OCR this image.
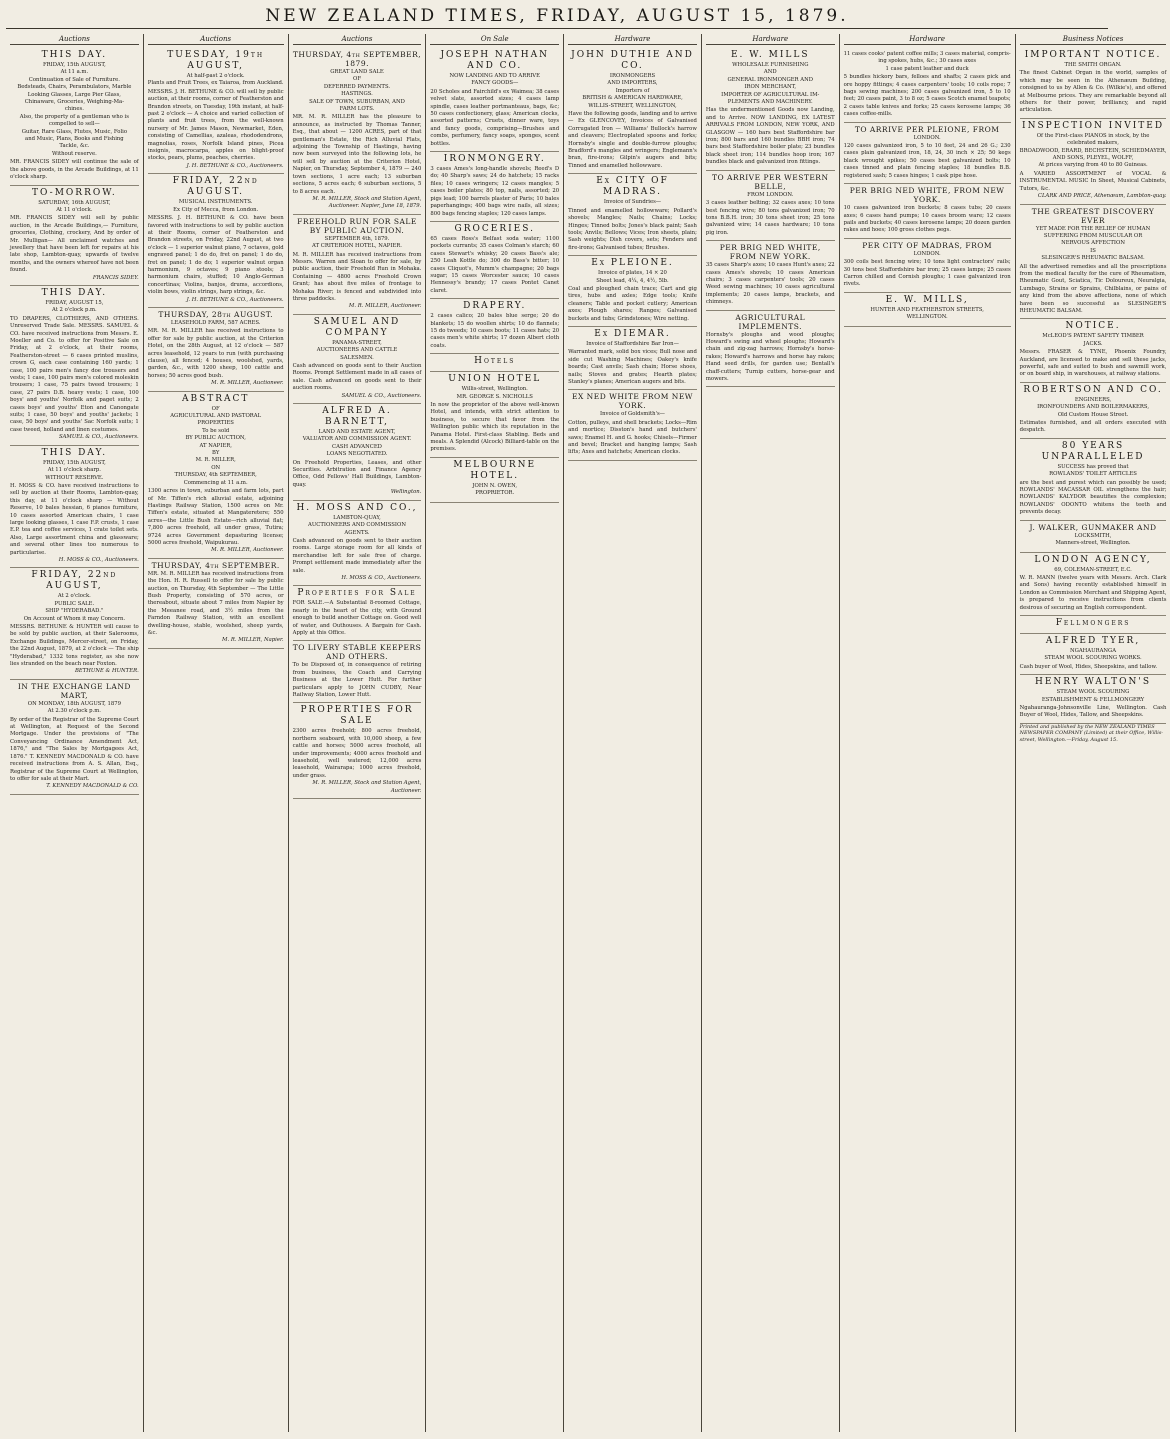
NEW ZEALAND TIMES, FRIDAY, AUGUST 15, 1879.
Auctions
THIS DAY.
FRIDAY, 15th AUGUST,
At 11 a.m.
Continuation of Sale of Furniture.
Bedsteads, Chairs, Perambulators, Marble
Looking Glasses, Large Pier Glass,
Chinaware, Groceries, Weighing-Ma-
chines.
Also, the property of a gentleman who is
compelled to sell—
Guitar, Rare Glass, Flutes, Music, Folio
and Music, Plans, Books and Fishing
Tackle, &c.
Without reserve.

MR. FRANCIS SIDEY will continue the sale of the above goods, in the Arcade Buildings, at 11 o'clock sharp.

TO-MORROW.
SATURDAY, 16th AUGUST,
At 11 o'clock.

MR. FRANCIS SIDEY will sell by public auction, in the Arcade Buildings,— Furniture, groceries, Clothing, crockery, And by order of Mr. Mulligan— All unclaimed watches and jewellery that have been left for repairs at his late shop, Lambton-quay, upwards of twelve months, and the owners whereof have not been found.

FRANCIS SIDEY.

THIS DAY.
FRIDAY, AUGUST 15,
At 2 o'clock p.m.

TO DRAPERS, CLOTHIERS, AND OTHERS. Unreserved Trade Sale. MESSRS. SAMUEL & CO. have received instructions from Messrs. E. Moeller and Co. to offer for Positive Sale on Friday, at 2 o'clock, at their rooms, Featherston-street — 6 cases printed muslins, crown G, each case containing 160 yards; 1 case, 100 pairs men's fancy doe trousers and vests; 1 case, 100 pairs men's colored moleskin trousers; 1 case, 75 pairs tweed trousers; 1 case, 27 pairs D.B. heavy vests; 1 case, 100 boys' and youths' Norfolk and paget suits; 2 cases boys' and youths' Eton and Canongate suits; 1 case, 50 boys' and youths' jackets; 1 case, 50 boys' and youths' Sac Norfolk suits; 1 case tweed, holland and linen costumes.

SAMUEL & CO., Auctioneers.

THIS DAY.
FRIDAY, 15th AUGUST,
At 11 o'clock sharp.
WITHOUT RESERVE.

H. MOSS & CO. have received instructions to sell by auction at their Rooms, Lambton-quay, this day, at 11 o'clock sharp — Without Reserve, 10 bales hessian, 6 pianos furniture, 10 cases assorted American chairs, 1 case large looking glasses, 1 case F.P. crusts, 1 case E.P. tea and coffee services, 1 crate toilet sets. Also, Large assortment china and glassware; and several other lines too numerous to particularise.

H. MOSS & CO., Auctioneers.

FRIDAY, 22nd AUGUST,
At 2 o'clock.
PUBLIC SALE.
SHIP "HYDERABAD."
On Account of Whom it may Concern.

MESSRS. BETHUNE & HUNTER will cause to be sold by public auction, at their Salerooms, Exchange Buildings, Mercer-street, on Friday, the 22nd August, 1879, at 2 o'clock — The ship "Hyderabad," 1332 tons register, as she now lies stranded on the beach near Foxton.

BETHUNE & HUNTER.

IN THE EXCHANGE LAND MART,
ON MONDAY, 18th AUGUST, 1879
At 2.30 o'clock p.m.

By order of the Registrar of the Supreme Court at Wellington, at Request of the Second Mortgage. Under the provisions of "The Conveyancing Ordinance Amendment Act, 1876," and "The Sales by Mortgagees Act, 1876." T. KENNEDY MACDONALD & CO. have received instructions from A. S. Allan, Esq., Registrar of the Supreme Court at Wellington, to offer for sale at their Mart.

T. KENNEDY MACDONALD & CO.

Auctions
TUESDAY, 19th AUGUST,
At half-past 2 o'clock.
Plants and Fruit Trees, ex Taiaroa, from Auckland.

MESSRS. J. H. BETHUNE & CO. will sell by public auction, at their rooms, corner of Featherston and Brandon streets, on Tuesday, 19th instant, at half-past 2 o'clock — A choice and varied collection of plants and fruit trees, from the well-known nursery of Mr. James Mason, Newmarket, Eden, consisting of Camellias, azaleas, rhododendrons, magnolias, roses, Norfolk Island pines, Picea insignis, macrocarpa, apples on blight-proof stocks, pears, plums, peaches, cherries.

J. H. BETHUNE & CO., Auctioneers.

FRIDAY, 22nd AUGUST.
MUSICAL INSTRUMENTS.
Ex City of Mecca, from London.

MESSRS. J. H. BETHUNE & CO. have been favored with instructions to sell by public auction at their Rooms, corner of Featherston and Brandon streets, on Friday, 22nd August, at two o'clock — 1 superior walnut piano, 7 octaves, gold engraved panel; 1 do do, fret on panel; 1 do do, fret on panel; 1 do do; 1 superior walnut organ harmonium, 9 octaves; 9 piano stools; 3 harmonium chairs, stuffed; 10 Anglo-German concertinas; Violins, banjos, drums, accordions, violin bows, violin strings, harp strings, &c.

J. H. BETHUNE & CO., Auctioneers.

THURSDAY, 28th AUGUST.
LEASEHOLD FARM, 587 ACRES.

MR. M. R. MILLER has received instructions to offer for sale by public auction, at the Criterion Hotel, on the 28th August, at 12 o'clock — 587 acres leasehold, 12 years to run (with purchasing clause), all fenced; 4 houses, woolshed, yards, garden, &c., with 1200 sheep, 100 cattle and horses; 50 acres good bush.

M. R. MILLER, Auctioneer.

ABSTRACT
OF
AGRICULTURAL AND PASTORAL
PROPERTIES
To be sold
BY PUBLIC AUCTION,
AT NAPIER,
BY
M. R. MILLER,
ON
THURSDAY, 4th SEPTEMBER,
Commencing at 11 a.m.

1300 acres in town, suburban and farm lots, part of Mr. Tiffen's rich alluvial estate, adjoining Hastings Railway Station, 1500 acres on Mr. Tiffen's estate, situated at Mangateretere; 550 acres—the Little Bush Estate—rich alluvial flat; 7,800 acres freehold, all under grass, Tutira; 9724 acres Government depasturing license; 5000 acres freehold, Waipukurau.

M. R. MILLER, Auctioneer.

THURSDAY, 4th SEPTEMBER.

MR. M. R. MILLER has received instructions from the Hon. H. R. Russell to offer for sale by public auction, on Thursday, 4th September — The Little Bush Property, consisting of 570 acres, or thereabout, situate about 7 miles from Napier by the Meeanee road, and 3½ miles from the Farndon Railway Station, with an excellent dwelling-house, stable, woolshed, sheep yards, &c.

M. R. MILLER, Napier.

Auctions
THURSDAY, 4th SEPTEMBER, 1879.
GREAT LAND SALE
OF
DEFERRED PAYMENTS.
HASTINGS.
SALE OF TOWN, SUBURBAN, AND
FARM LOTS.

MR. M. R. MILLER has the pleasure to announce, as instructed by Thomas Tanner, Esq., that about — 1200 ACRES, part of that gentleman's Estate, the Rich Alluvial Flats, adjoining the Township of Hastings, having now been surveyed into the following lots, he will sell by auction at the Criterion Hotel, Napier, on Thursday, September 4, 1879 — 240 town sections, 1 acre each; 13 suburban sections, 5 acres each; 6 suburban sections, 5 to 8 acres each.

M. R. MILLER, Stock and Station Agent, Auctioneer. Napier, June 18, 1879.

FREEHOLD RUN FOR SALE BY PUBLIC AUCTION.
SEPTEMBER 4th, 1879.
AT CRITERION HOTEL, NAPIER.

M. R. MILLER has received instructions from Messrs. Warren and Sloan to offer for sale, by public auction, their Freehold Run in Mohaka. Containing — 4800 acres Freehold Crown Grant; has about five miles of frontage to Mohaka River; is fenced and subdivided into three paddocks.

M. R. MILLER, Auctioneer.

SAMUEL AND COMPANY
PANAMA-STREET,
AUCTIONEERS AND CATTLE
SALESMEN.

Cash advanced on goods sent to their Auction Rooms. Prompt Settlement made in all cases of sale. Cash advanced on goods sent to their auction rooms.

SAMUEL & CO., Auctioneers.

ALFRED A. BARNETT,
LAND AND ESTATE AGENT,
VALUATOR AND COMMISSION AGENT.
CASH ADVANCED
LOANS NEGOTIATED.

On Freehold Properties, Leases, and other Securities. Arbitration and Finance Agency Office, Odd Fellows' Hall Buildings, Lambton-quay.

Wellington.

H. MOSS AND CO.,
LAMBTON-QUAY,
AUCTIONEERS AND COMMISSION
AGENTS.

Cash advanced on goods sent to their auction rooms. Large storage room for all kinds of merchandise left for sale free of charge. Prompt settlement made immediately after the sale.

H. MOSS & CO., Auctioneers.

Properties for Sale

FOR SALE.—A Substantial 8-roomed Cottage, nearly in the heart of the city, with Ground enough to build another Cottage on. Good well of water, and Outhouses. A Bargain for Cash. Apply at this Office.

TO LIVERY STABLE KEEPERS AND OTHERS.

To be Disposed of, in consequence of retiring from business, the Coach and Carrying Business at the Lower Hutt. For further particulars apply to JOHN CUDBY, Near Railway Station, Lower Hutt.

PROPERTIES FOR SALE

2300 acres freehold; 800 acres freehold, northern seaboard, with 10,000 sheep, a few cattle and horses; 5000 acres freehold, all under improvements; 4000 acres freehold and leasehold, well watered; 12,000 acres leasehold, Wairarapa; 1000 acres freehold, under grass.

M. R. MILLER, Stock and Station Agent, Auctioneer.

On Sale
JOSEPH NATHAN AND CO.
NOW LANDING AND TO ARRIVE
FANCY GOODS—

20 Scholes and Fairchild's ex Waimea; 38 cases velvet slate, assorted sizes; 4 cases lamp spindle, cases leather portmanteaus, bags, &c; 50 cases confectionery, glass; American clocks, assorted patterns; Cruets, dinner ware, toys and fancy goods, comprising—Brushes and combs, perfumery, fancy soaps, sponges, scent bottles.

IRONMONGERY.

3 cases Ames's long-handle shovels; Reed's D do; 40 Sharp's saws; 24 do hatchets; 15 racks files; 10 cases wringers; 12 cases mangles; 5 cases boiler plates; 80 top, nails, assorted; 20 pigs lead; 100 barrels plaster of Paris; 10 bales paperhangings; 400 bags wire nails, all sizes; 800 bags fencing staples; 120 cases lamps.

GROCERIES.

65 cases Ross's Belfast soda water; 1100 pockets currants; 35 cases Colman's starch; 60 cases Stewart's whisky; 20 cases Bass's ale; 250 Leah Kottle do; 300 do Bass's bitter; 10 cases Cliquot's, Mumm's champagne; 20 bags sugar; 15 cases Worcester sauce; 10 cases Hennessy's brandy; 17 cases Pontet Canet claret.

DRAPERY.

2 cases calico; 20 bales blue serge; 20 do blankets; 15 do woollen shirts; 10 do flannels; 15 do tweeds; 10 cases boots; 11 cases hats; 20 cases men's white shirts; 17 dozen Albert cloth coats.

Hotels
UNION HOTEL
Willis-street, Wellington.
MR. GEORGE S. NICHOLLS

In now the proprietor of the above well-known Hotel, and intends, with strict attention to business, to secure that favor from the Wellington public which its reputation in the Panama Hotel. First-class Stabling. Beds and meals. A Splendid (Alcock) Billiard-table on the premises.

MELBOURNE HOTEL.
JOHN N. OWEN,
PROPRIETOR.
Hardware
JOHN DUTHIE AND CO.
IRONMONGERS
AND IMPORTERS,
Importers of
BRITISH & AMERICAN HARDWARE,
WILLIS-STREET, WELLINGTON,

Have the following goods, landing and to arrive — Ex GLENCOVEY, Invoices of Galvanised Corrugated Iron — Williams' Bullock's harrow and cleavers; Electroplated spoons and forks; Hornsby's single and double-furrow ploughs; Bradford's mangles and wringers; Englemann's bran, fire-irons; Gilpin's augers and bits; Tinned and enamelled hollowware.

Ex CITY OF MADRAS.
Invoice of Sundries—

Tinned and enamelled hollowware; Pollard's shovels; Mangles; Nails; Chains; Locks; Hinges; Tinned bolts; Jones's black paint; Sash tools; Anvils; Bellows; Vices; Iron sheets, plain; Sash weights; Dish covers, sets; Fenders and fire-irons; Galvanised tubes; Brushes.

Ex PLEIONE.
Invoice of plates, 14 × 20
Sheet lead, 4¼, 4, 4½, 5lb.

Coal and ploughed chain trace; Cart and gig tires, hubs and axles; Edge tools; Knife cleaners; Table and pocket cutlery; American axes; Plough shares; Ranges; Galvanised buckets and tubs; Grindstones; Wire netting.

Ex DIEMAR.
Invoice of Staffordshire Bar Iron—

Warranted mark, solid box vices; Bull nose and side cut Washing Machines; Oakey's knife boards; Cast anvils; Sash chain; Horse shoes, nails; Stoves and grates; Hearth plates; Stanley's planes; American augers and bits.

EX NED WHITE FROM NEW YORK.
Invoice of Goldsmith's—

Cotton, pulleys, and shell brackets; Locks—Rim and mortice; Disston's hand and butchers' saws; Enamel H. and G. hooks; Chisels—Firmer and bevel; Bracket and hanging lamps; Sash lifts; Axes and hatchets; American clocks.

Hardware
E. W. MILLS
WHOLESALE FURNISHING
AND
GENERAL IRONMONGER AND
IRON MERCHANT,
IMPORTER OF AGRICULTURAL IM-
PLEMENTS AND MACHINERY.

Has the undermentioned Goods now Landing, and to Arrive. NOW LANDING, EX LATEST ARRIVALS FROM LONDON, NEW YORK, AND GLASGOW — 160 bars best Staffordshire bar iron; 800 bars and 160 bundles BBH iron; 74 bars best Staffordshire boiler plate; 23 bundles black sheet iron; 114 bundles hoop iron; 167 bundles black and galvanized iron fittings.

TO ARRIVE PER WESTERN BELLE,
FROM LONDON.

3 cases leather belting; 32 cases axes; 10 tons best fencing wire; 80 tons galvanized iron; 70 tons B.B.H. iron; 30 tons sheet iron; 25 tons galvanized wire; 14 cases hardware; 10 tons pig iron.

PER BRIG NED WHITE, FROM NEW YORK.

35 cases Sharp's axes; 10 cases Hunt's axes; 22 cases Ames's shovels; 10 cases American chairs; 3 cases carpenters' tools; 20 cases Weed sewing machines; 10 cases agricultural implements; 20 cases lamps, brackets, and chimneys.

AGRICULTURAL IMPLEMENTS.

Hornsby's ploughs and wood ploughs; Howard's swing and wheel ploughs; Howard's chain and zig-zag harrows; Hornsby's horse-rakes; Howard's harrows and horse hay rakes; Hand seed drills, for garden use; Bentall's chaff-cutters; Turnip cutters, horse-gear and mowers.

Hardware
11 cases cooks' patent coffee mills; 3 cases material, compris-
ing spokes, hubs, &c.; 30 cases axes
1 case patent leather and duck

5 bundles hickory bars, felloes and shafts; 2 cases pick and ore hoppy fittings; 4 cases carpenters' tools; 10 coils rope; 7 bags sewing machines; 200 cases galvanized iron, 5 to 10 feet; 20 cases paint, 3 to 8 oz; 5 cases Scotch enamel teapots; 2 cases table knives and forks; 25 cases kerosene lamps; 36 cases coffee-mills.

TO ARRIVE PER PLEIONE, FROM
LONDON.

120 cases galvanized iron, 5 to 10 feet, 24 and 26 G.; 230 cases plain galvanized iron, 18, 24, 30 inch × 25; 50 kegs black wrought spikes; 50 cases best galvanized bolts; 10 cases tinned and plain fencing staples; 18 bundles B.B. registered sash; 5 cases hinges; 1 cask pipe hose.

PER BRIG NED WHITE, FROM NEW YORK.

10 cases galvanized iron buckets; 8 cases tubs; 20 cases axes; 6 cases hand pumps; 10 cases broom ware; 12 cases pails and buckets; 40 cases kerosene lamps; 20 dozen garden rakes and hoes; 100 gross clothes pegs.

PER CITY OF MADRAS, FROM
LONDON.

300 coils best fencing wire; 10 tons light contractors' rails; 30 tons best Staffordshire bar iron; 25 cases lamps; 25 cases Carron chilled and Cornish ploughs; 1 case galvanized iron rivets.

E. W. MILLS,
HUNTER AND FEATHERSTON STREETS,
WELLINGTON.
Business Notices
IMPORTANT NOTICE.
THE SMITH ORGAN.

The finest Cabinet Organ in the world, samples of which may be seen in the Athenæum Building, consigned to us by Allen & Co. (Wilkie's), and offered at Melbourne prices. They are remarkable beyond all others for their power, brilliancy, and rapid articulation.

INSPECTION INVITED
Of the First-class PIANOS in stock, by the
celebrated makers,
BROADWOOD, ERARD, BECHSTEIN, SCHIEDMAYER,
AND SONS, PLEYEL, WOLFF,
At prices varying from 40 to 80 Guineas.

A VARIED ASSORTMENT of VOCAL & INSTRUMENTAL MUSIC In Sheet, Musical Cabinets, Tutors, &c.

CLARK AND PRICE, Athenæum, Lambton-quay.

THE GREATEST DISCOVERY EVER
YET MADE FOR THE RELIEF OF HUMAN
SUFFERING FROM MUSCULAR OR
NERVOUS AFFECTION
IS
SLESINGER'S RHEUMATIC BALSAM.

All the advertised remedies and all the prescriptions from the medical faculty for the cure of Rheumatism, Rheumatic Gout, Sciatica, Tic Doloureux, Neuralgia, Lumbago, Strains or Sprains, Chilblains, or pains of any kind from the above affections, none of which have been so successful as SLESINGER'S RHEUMATIC BALSAM.

NOTICE.
McLEOD'S PATENT SAFETY TIMBER
JACKS.

Messrs. FRASER & TYNE, Phoenix Foundry, Auckland, are licensed to make and sell these jacks, powerful, safe and suited to bush and sawmill work, or on board ship, in warehouses, at railway stations.

ROBERTSON AND CO.
ENGINEERS,
IRONFOUNDERS AND BOILERMAKERS,
Old Custom House Street.

Estimates furnished, and all orders executed with despatch.

80 YEARS UNPARALLELED
SUCCESS has proved that
ROWLANDS' TOILET ARTICLES

are the best and purest which can possibly be used; ROWLANDS' MACASSAR OIL strengthens the hair; ROWLANDS' KALYDOR beautifies the complexion; ROWLANDS' ODONTO whitens the teeth and prevents decay.

J. WALKER, GUNMAKER AND
LOCKSMITH,
Manners-street, Wellington.
LONDON AGENCY,
69, COLEMAN-STREET, E.C.

W. R. MANN (twelve years with Messrs. Arch. Clark and Sons) having recently established himself in London as Commission Merchant and Shipping Agent, is prepared to receive instructions from clients desirous of securing an English correspondent.

Fellmongers
ALFRED TYER,
NGAHAURANGA
STEAM WOOL SCOURING WORKS.

Cash buyer of Wool, Hides, Sheepskins, and tallow.

HENRY WALTON'S
STEAM WOOL SCOURING
ESTABLISHMENT & FELLMONGERY

Ngahauranga-Johnsonville Line, Wellington. Cash Buyer of Wool, Hides, Tallow, and Sheepskins.

Printed and published by the NEW ZEALAND TIMES NEWSPAPER COMPANY (Limited) at their Office, Willis-street, Wellington.—Friday, August 15.
